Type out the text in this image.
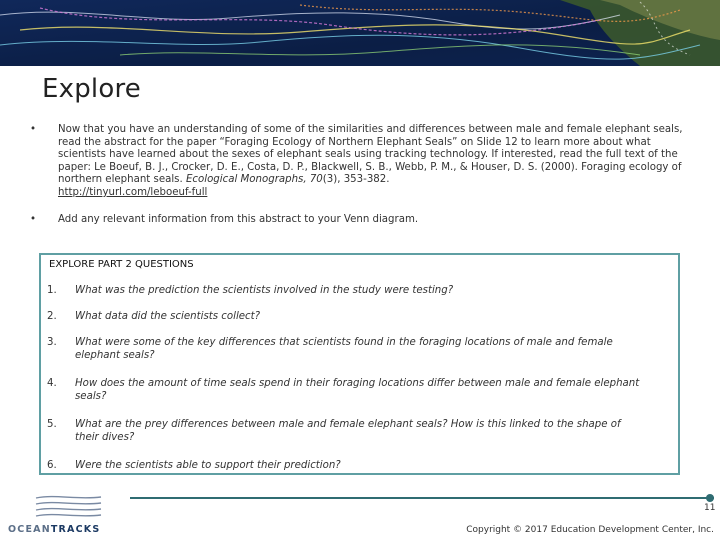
Explore
• Now that you have an understanding of some of the similarities and differences between male and female elephant seals, read the abstract for the paper “Foraging Ecology of Northern Elephant Seals” on Slide 12 to learn more about what scientists have learned about the sexes of elephant seals using tracking technology. If interested, read the full text of the paper: Le Boeuf, B. J., Crocker, D. E., Costa, D. P., Blackwell, S. B., Webb, P. M., & Houser, D. S. (2000). Foraging ecology of northern elephant seals. Ecological Monographs, 70(3), 353-382.
http://tinyurl.com/leboeuf-full
• Add any relevant information from this abstract to your Venn diagram.
EXPLORE PART 2 QUESTIONS
1. What was the prediction the scientists involved in the study were testing?
2. What data did the scientists collect?
3. What were some of the key differences that scientists found in the foraging locations of male and female elephant seals?
4. How does the amount of time seals spend in their foraging locations differ between male and female elephant seals?
5. What are the prey differences between male and female elephant seals? How is this linked to the shape of their dives?
6. Were the scientists able to support their prediction?
OCEANTRACKS
11
Copyright © 2017 Education Development Center, Inc.
